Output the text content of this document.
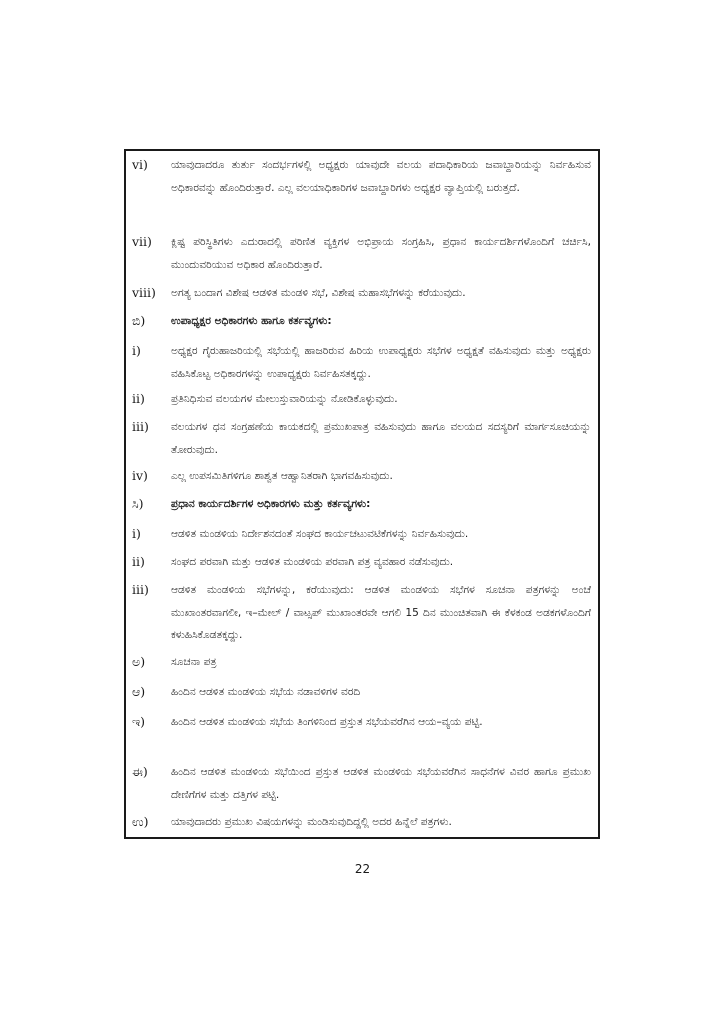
vi) ಯಾವುದಾದರೂ ತುರ್ತು ಸಂದರ್ಭಗಳಲ್ಲಿ ಅಧ್ಯಕ್ಷರು ಯಾವುದೇ ವಲಯ ಪದಾಧಿಕಾರಿಯ ಜವಾಬ್ದಾರಿಯನ್ನು ನಿರ್ವಹಿಸುವ ಅಧಿಕಾರವನ್ನು ಹೊಂದಿರುತ್ತಾರೆ. ಎಲ್ಲ ವಲಯಾಧಿಕಾರಿಗಳ ಜವಾಬ್ದಾರಿಗಳು ಅಧ್ಯಕ್ಷರ ವ್ಯಾಪ್ತಿಯಲ್ಲಿ ಬರುತ್ತದೆ.
vii) ಕ್ಲಿಷ್ಟ ಪರಿಸ್ಥಿತಿಗಳು ಎದುರಾದಲ್ಲಿ ಪರಿಣಿತ ವ್ಯಕ್ತಿಗಳ ಅಭಿಪ್ರಾಯ ಸಂಗ್ರಹಿಸಿ, ಪ್ರಧಾನ ಕಾರ್ಯದರ್ಶಿಗಳೊಂದಿಗೆ ಚರ್ಚಿಸಿ, ಮುಂದುವರಿಯುವ ಅಧಿಕಾರ ಹೊಂದಿರುತ್ತಾರೆ.
viii) ಅಗತ್ಯ ಬಂದಾಗ ವಿಶೇಷ ಆಡಳಿತ ಮಂಡಳಿ ಸಭೆ, ವಿಶೇಷ ಮಹಾಸಭೆಗಳನ್ನು ಕರೆಯುವುದು.
ಬಿ) ಉಪಾಧ್ಯಕ್ಷರ ಅಧಿಕಾರಗಳು ಹಾಗೂ ಕರ್ತವ್ಯಗಳು:
i)	ಅಧ್ಯಕ್ಷರ ಗೈರುಹಾಜರಿಯಲ್ಲಿ ಸಭೆಯಲ್ಲಿ ಹಾಜರಿರುವ ಹಿರಿಯ ಉಪಾಧ್ಯಕ್ಷರು ಸಭೆಗಳ ಅಧ್ಯಕ್ಷತೆ ವಹಿಸುವುದು ಮತ್ತು ಅಧ್ಯಕ್ಷರು ವಹಿಸಿಕೊಟ್ಟ ಅಧಿಕಾರಗಳನ್ನು ಉಪಾಧ್ಯಕ್ಷರು ನಿರ್ವಹಿಸತಕ್ಕದ್ದು.
ii) ಪ್ರತಿನಿಧಿಸುವ ವಲಯಗಳ ಮೇಲುಸ್ತುವಾರಿಯನ್ನು ನೋಡಿಕೊಳ್ಳುವುದು.
iii) ವಲಯಗಳ ಧನ ಸಂಗ್ರಹಣೆಯ ಕಾಯಕದಲ್ಲಿ ಪ್ರಮುಖಪಾತ್ರ ವಹಿಸುವುದು ಹಾಗೂ ವಲಯದ ಸದಸ್ಯರಿಗೆ ಮಾರ್ಗಸೂಚಿಯನ್ನು ತೋರುವುದು.
iv) ಎಲ್ಲ ಉಪಸಮಿತಿಗಳಿಗೂ ಶಾಶ್ವತ ಆಹ್ವಾನಿತರಾಗಿ ಭಾಗವಹಿಸುವುದು.
ಸಿ)	ಪ್ರಧಾನ ಕಾರ್ಯದರ್ಶಿಗಳ ಅಧಿಕಾರಗಳು ಮತ್ತು ಕರ್ತವ್ಯಗಳು:
i)	ಆಡಳಿತ ಮಂಡಳಿಯ ನಿರ್ದೇಶನದಂತೆ ಸಂಘದ ಕಾರ್ಯಚಟುವಟಿಕೆಗಳನ್ನು ನಿರ್ವಹಿಸುವುದು.
ii) ಸಂಘದ ಪರವಾಗಿ ಮತ್ತು ಆಡಳಿತ ಮಂಡಳಿಯ ಪರವಾಗಿ ಪತ್ರ ವ್ಯವಹಾರ ನಡೆಸುವುದು.
iii) ಆಡಳಿತ ಮಂಡಳಿಯ ಸಭೆಗಳನ್ನು, ಕರೆಯುವುದು: ಆಡಳಿತ ಮಂಡಳಿಯ ಸಭೆಗಳ ಸೂಚನಾ ಪತ್ರಗಳನ್ನು ಅಂಚೆ ಮುಖಾಂತರವಾಗಲೀ, ಇ–ಮೇಲ್ / ವಾಟ್ಸಪ್ ಮುಖಾಂತರವೇ ಆಗಲಿ 15 ದಿನ ಮುಂಚಿತವಾಗಿ ಈ ಕೆಳಕಂಡ ಅಡಕಗಳೊಂದಿಗೆ ಕಳುಹಿಸಿಕೊಡತಕ್ಕದ್ದು.
ಅ) ಸೂಚನಾ ಪತ್ರ
ಆ) ಹಿಂದಿನ ಆಡಳಿತ ಮಂಡಳಿಯ ಸಭೆಯ ನಡಾವಳಿಗಳ ವರದಿ
ಇ) ಹಿಂದಿನ ಆಡಳಿತ ಮಂಡಳಿಯ ಸಭೆಯ ತಿಂಗಳಿನಿಂದ ಪ್ರಸ್ತುತ ಸಭೆಯವರೆಗಿನ ಆಯ–ವ್ಯಯ ಪಟ್ಟಿ.
ಈ) ಹಿಂದಿನ ಆಡಳಿತ ಮಂಡಳಿಯ ಸಭೆಯಿಂದ ಪ್ರಸ್ತುತ ಆಡಳಿತ ಮಂಡಳಿಯ ಸಭೆಯವರೆಗಿನ ಸಾಧನೆಗಳ ವಿವರ ಹಾಗೂ ಪ್ರಮುಖ ದೇಣಿಗೆಗಳ ಮತ್ತು ದತ್ತಿಗಳ ಪಟ್ಟಿ.
ಉ) ಯಾವುದಾದರು ಪ್ರಮುಖ ವಿಷಯಗಳನ್ನು ಮಂಡಿಸುವುದಿದ್ದಲ್ಲಿ ಅದರ ಹಿನ್ನೆಲೆ ಪತ್ರಗಳು.
22
